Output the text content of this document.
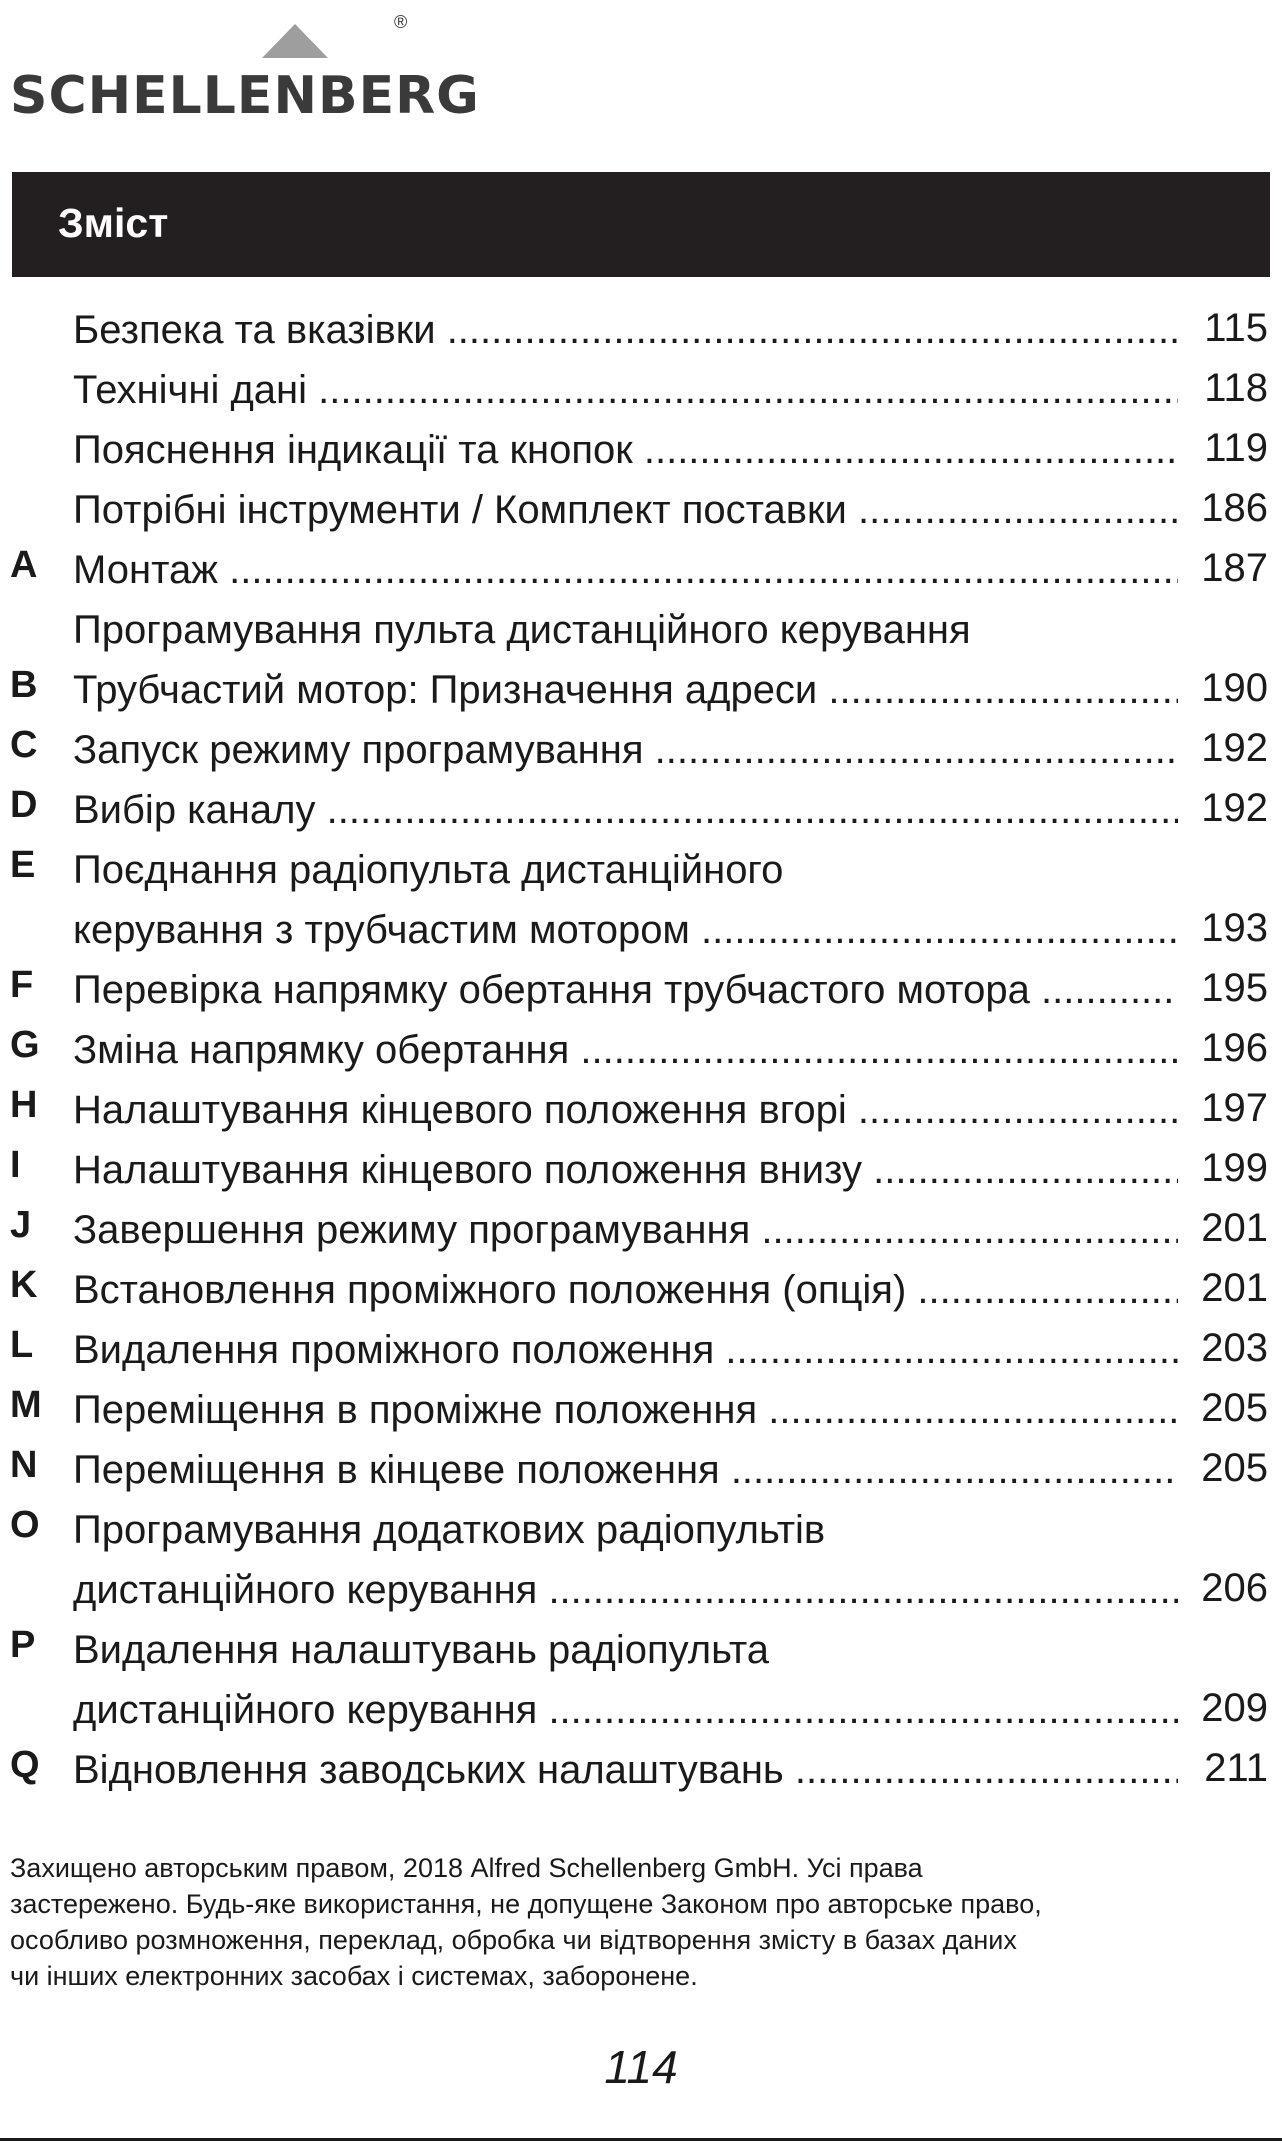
®
SCHELLENBERG
Зміст
Безпека та вказівки .....	115
Технічні дані .....	118
Пояснення індикації та кнопок .....	119
Потрібні інструменти / Комплект поставки .....	186
A Монтаж .....	187
Програмування пульта дистанційного керування
B Трубчастий мотор: Призначення адреси .....	190
C Запуск режиму програмування .....	192
D Вибір каналу .....	192
E Поєднання радіопульта дистанційного
керування з трубчастим мотором .....	193
F Перевірка напрямку обертання трубчастого мотора .....	195
G Зміна напрямку обертання .....	196
H Налаштування кінцевого положення вгорі .....	197
I	Налаштування кінцевого положення внизу .....	199
J	Завершення режиму програмування .....	201
K Встановлення проміжного положення (опція) .....	201
L Видалення проміжного положення .....	203
M Переміщення в проміжне положення .....	205
N Переміщення в кінцеве положення .....	205
O Програмування додаткових радіопультів
дистанційного керування .....	206
P Видалення налаштувань радіопульта
дистанційного керування .....	209
Q Відновлення заводських налаштувань .....	211
Захищено авторським правом, 2018 Alfred Schellenberg GmbH. Усі права
застережено. Будь-яке використання, не допущене Законом про авторське право,
особливо розмноження, переклад, обробка чи відтворення змісту в базах даних
чи інших електронних засобах і системах, заборонене.
114
